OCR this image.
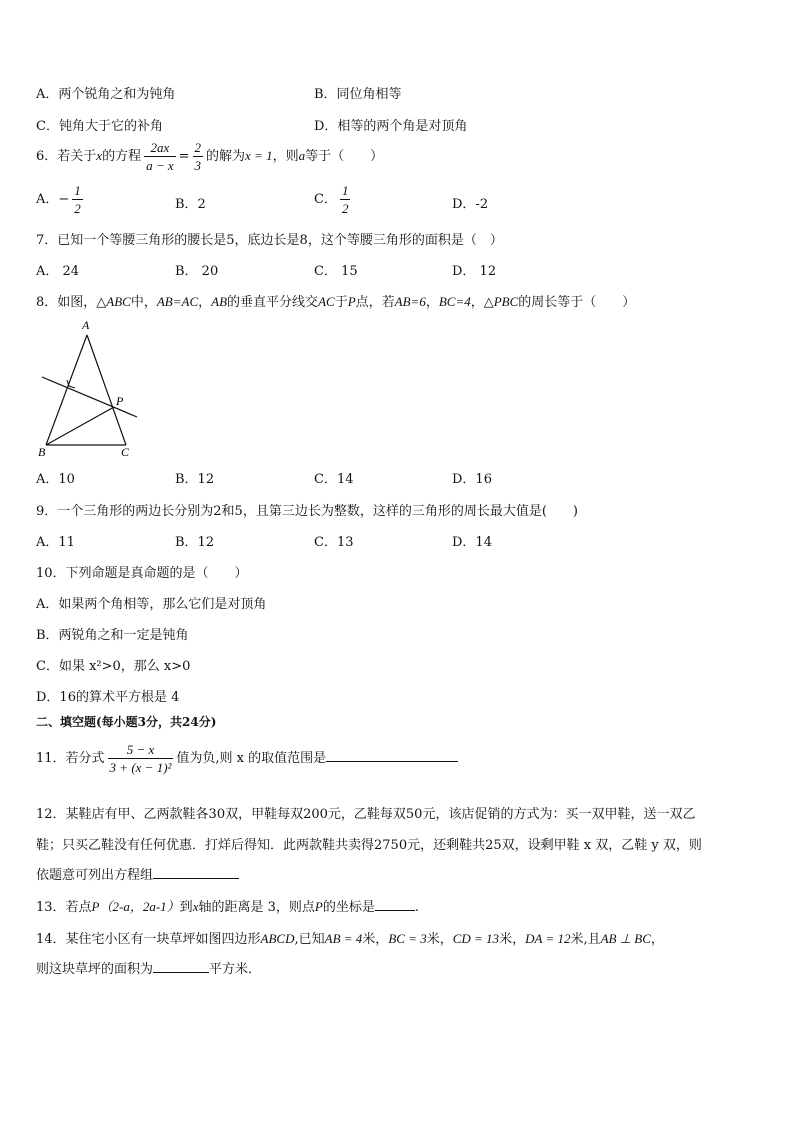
A．两个锐角之和为钝角	B．同位角相等
C．钝角大于它的补角	D．相等的两个角是对顶角
6．若关于x的方程 $\frac{2ax}{a - x} = \frac{2}{3}$ 的解为x = 1，则a等于（　　）
A．− $\frac{1}{2}$	B．2	C． $\frac{1}{2}$	D．-2
7．已知一个等腰三角形的腰长是5，底边长是8，这个等腰三角形的面积是（　）
A． 24	B． 20	C． 15	D． 12
8．如图，△ABC中，AB=AC，AB的垂直平分线交AC于P点，若AB=6，BC=4，△PBC的周长等于（　　）
A
B	C
P
A．10	B．12	C．14	D．16
9．一个三角形的两边长分别为2和5，且第三边长为整数，这样的三角形的周长最大值是(　　)
A．11	B．12	C．13	D．14
10．下列命题是真命题的是（　　）
A．如果两个角相等，那么它们是对顶角
B．两锐角之和一定是钝角
C．如果 x²>0，那么 x>0
D．16的算术平方根是 4
二、填空题(每小题3分，共24分)
11．若分式 $\frac{5 - x}{\text{3 + (x − 1)²}}$ 值为负,则 x 的取值范围是
12．某鞋店有甲、乙两款鞋各30双，甲鞋每双200元，乙鞋每双50元，该店促销的方式为：买一双甲鞋，送一双乙
鞋；只买乙鞋没有任何优惠．打烊后得知．此两款鞋共卖得2750元，还剩鞋共25双，设剩甲鞋 x 双，乙鞋 y 双，则
依题意可列出方程组
13．若点P（2-a，2a-1）到x轴的距离是 3，则点P的坐标是	.
14．某住宅小区有一块草坪如图四边形ABCD,已知AB = 4米，BC = 3米，CD = 13米，DA = 12米,且AB ⊥ BC，
则这块草坪的面积为	平方米．
